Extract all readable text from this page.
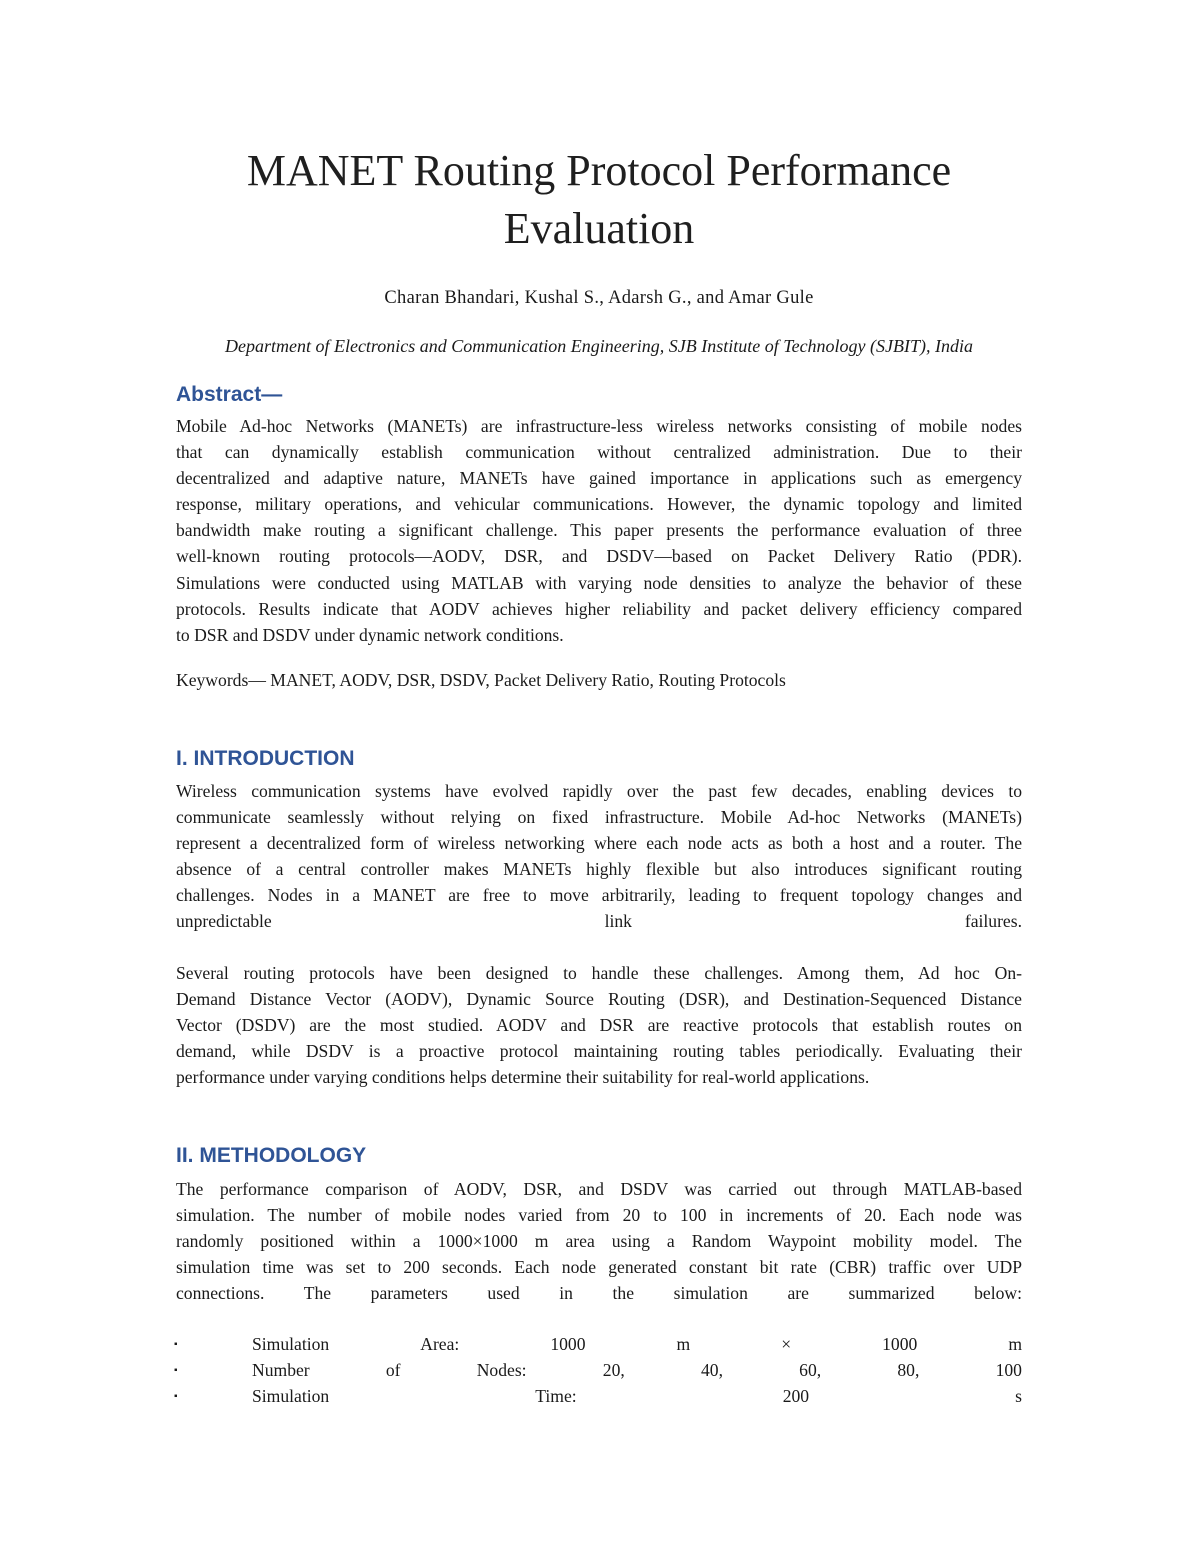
MANET Routing Protocol Performance
Evaluation
Charan Bhandari, Kushal S., Adarsh G., and Amar Gule
Department of Electronics and Communication Engineering, SJB Institute of Technology (SJBIT), India
Abstract—
Mobile Ad-hoc Networks (MANETs) are infrastructure-less wireless networks consisting of mobile nodes
that can dynamically establish communication without centralized administration. Due to their
decentralized and adaptive nature, MANETs have gained importance in applications such as emergency
response, military operations, and vehicular communications. However, the dynamic topology and limited
bandwidth make routing a significant challenge. This paper presents the performance evaluation of three
well-known routing protocols—AODV, DSR, and DSDV—based on Packet Delivery Ratio (PDR).
Simulations were conducted using MATLAB with varying node densities to analyze the behavior of these
protocols. Results indicate that AODV achieves higher reliability and packet delivery efficiency compared
to DSR and DSDV under dynamic network conditions.
Keywords— MANET, AODV, DSR, DSDV, Packet Delivery Ratio, Routing Protocols
I. INTRODUCTION
Wireless communication systems have evolved rapidly over the past few decades, enabling devices to
communicate seamlessly without relying on fixed infrastructure. Mobile Ad-hoc Networks (MANETs)
represent a decentralized form of wireless networking where each node acts as both a host and a router. The
absence of a central controller makes MANETs highly flexible but also introduces significant routing
challenges. Nodes in a MANET are free to move arbitrarily, leading to frequent topology changes and
unpredictable link failures.
Several routing protocols have been designed to handle these challenges. Among them, Ad hoc On-
Demand Distance Vector (AODV), Dynamic Source Routing (DSR), and Destination-Sequenced Distance
Vector (DSDV) are the most studied. AODV and DSR are reactive protocols that establish routes on
demand, while DSDV is a proactive protocol maintaining routing tables periodically. Evaluating their
performance under varying conditions helps determine their suitability for real-world applications.
II. METHODOLOGY
The performance comparison of AODV, DSR, and DSDV was carried out through MATLAB-based
simulation. The number of mobile nodes varied from 20 to 100 in increments of 20. Each node was
randomly positioned within a 1000×1000 m area using a Random Waypoint mobility model. The
simulation time was set to 200 seconds. Each node generated constant bit rate (CBR) traffic over UDP
connections. The parameters used in the simulation are summarized below:
▪	Simulation	Area:	1000	m	×	1000	m
▪	Number	of	Nodes:	20,	40,	60,	80,	100
▪	Simulation	Time:	200	s
